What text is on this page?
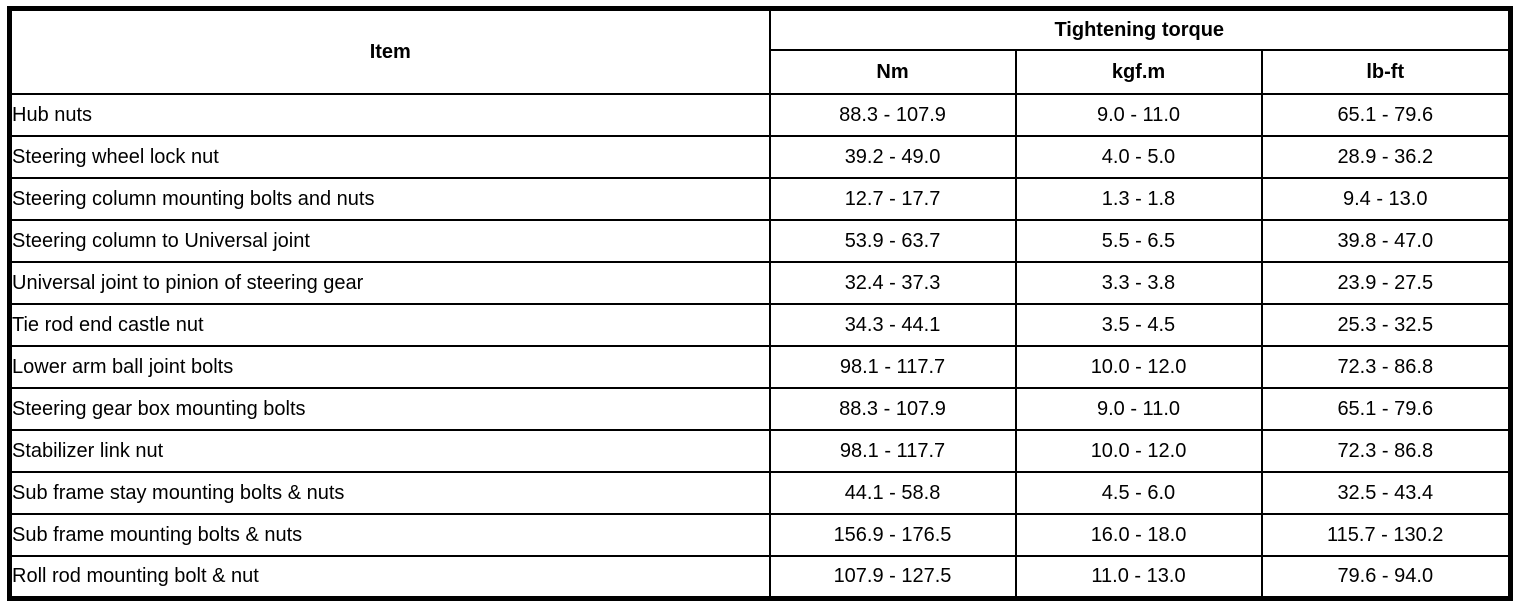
Item	Tightening torque		
	Nm	kgf.m	lb-ft
Hub nuts	88.3 - 107.9	9.0 - 11.0	65.1 - 79.6
Steering wheel lock nut	39.2 - 49.0	4.0 - 5.0	28.9 - 36.2
Steering column mounting bolts and nuts	12.7 - 17.7	1.3 - 1.8	9.4 - 13.0
Steering column to Universal joint	53.9 - 63.7	5.5 - 6.5	39.8 - 47.0
Universal joint to pinion of steering gear	32.4 - 37.3	3.3 - 3.8	23.9 - 27.5
Tie rod end castle nut	34.3 - 44.1	3.5 - 4.5	25.3 - 32.5
Lower arm ball joint bolts	98.1 - 117.7	10.0 - 12.0	72.3 - 86.8
Steering gear box mounting bolts	88.3 - 107.9	9.0 - 11.0	65.1 - 79.6
Stabilizer link nut	98.1 - 117.7	10.0 - 12.0	72.3 - 86.8
Sub frame stay mounting bolts & nuts	44.1 - 58.8	4.5 - 6.0	32.5 - 43.4
Sub frame mounting bolts & nuts	156.9 - 176.5	16.0 - 18.0	115.7 - 130.2
Roll rod mounting bolt & nut	107.9 - 127.5	11.0 - 13.0	79.6 - 94.0
